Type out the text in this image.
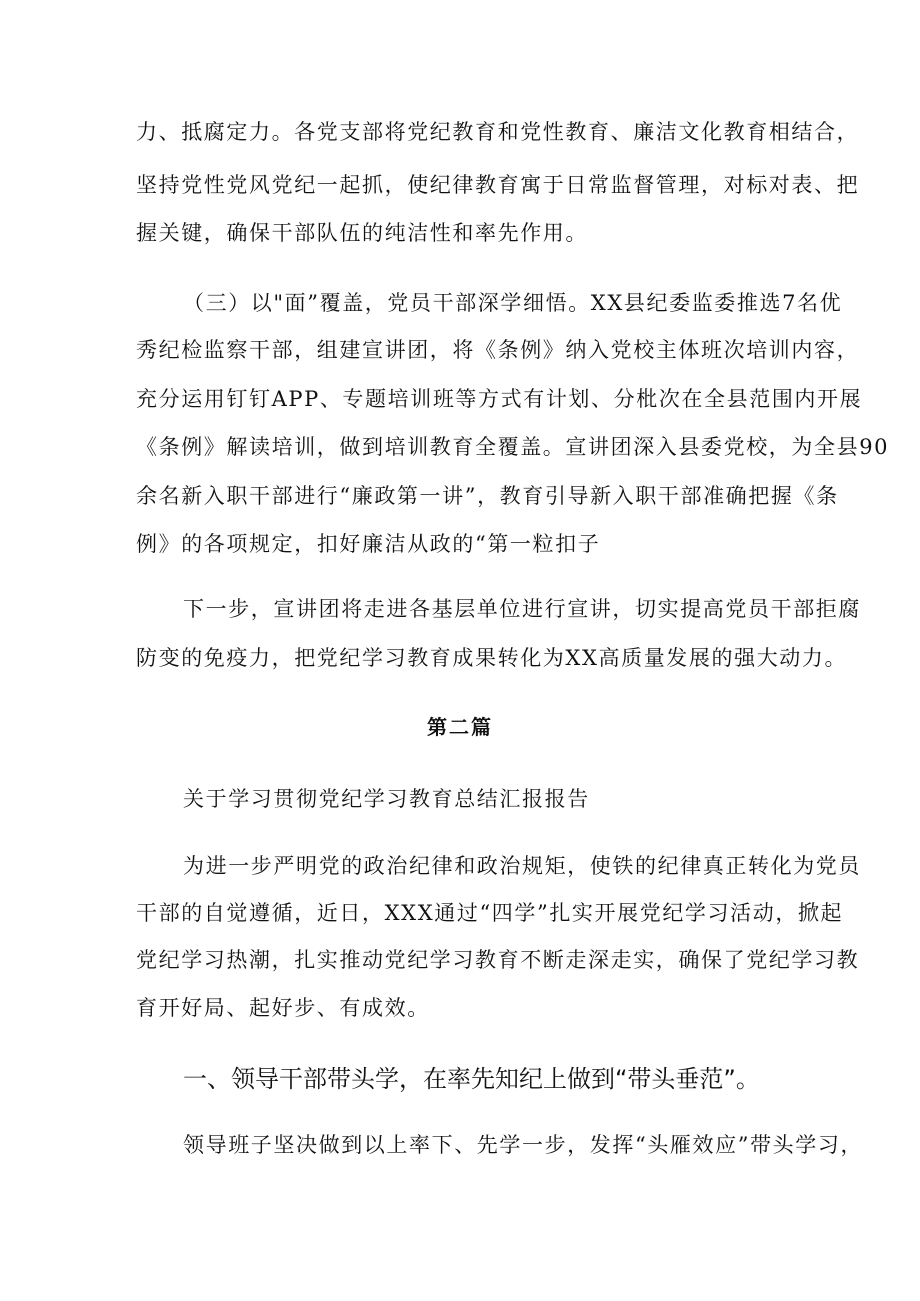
力、抵腐定力。各党支部将党纪教育和党性教育、廉洁文化教育相结合，
坚持党性党风党纪一起抓，使纪律教育寓于日常监督管理，对标对表、把
握关键，确保干部队伍的纯洁性和率先作用。
（三）以"面”覆盖，党员干部深学细悟。XX县纪委监委推选7名优
秀纪检监察干部，组建宣讲团，将《条例》纳入党校主体班次培训内容，
充分运用钉钉APP、专题培训班等方式有计划、分枇次在全县范围内开展
《条例》解读培训，做到培训教育全覆盖。宣讲团深入县委党校，为全县90
余名新入职干部进行“廉政第一讲”，教育引导新入职干部准确把握《条
例》的各项规定，扣好廉洁从政的“第一粒扣子
下一步，宣讲团将走进各基层单位进行宣讲，切实提高党员干部拒腐
防变的免疫力，把党纪学习教育成果转化为XX高质量发展的强大动力。
第二篇
关于学习贯彻党纪学习教育总结汇报报告
为进一步严明党的政治纪律和政治规矩，使铁的纪律真正转化为党员
干部的自觉遵循，近日，XXX通过“四学”扎实开展党纪学习活动，掀起
党纪学习热潮，扎实推动党纪学习教育不断走深走实，确保了党纪学习教
育开好局、起好步、有成效。
一、领导干部带头学，在率先知纪上做到“带头垂范”。
领导班子坚决做到以上率下、先学一步，发挥“头雁效应”带头学习，
